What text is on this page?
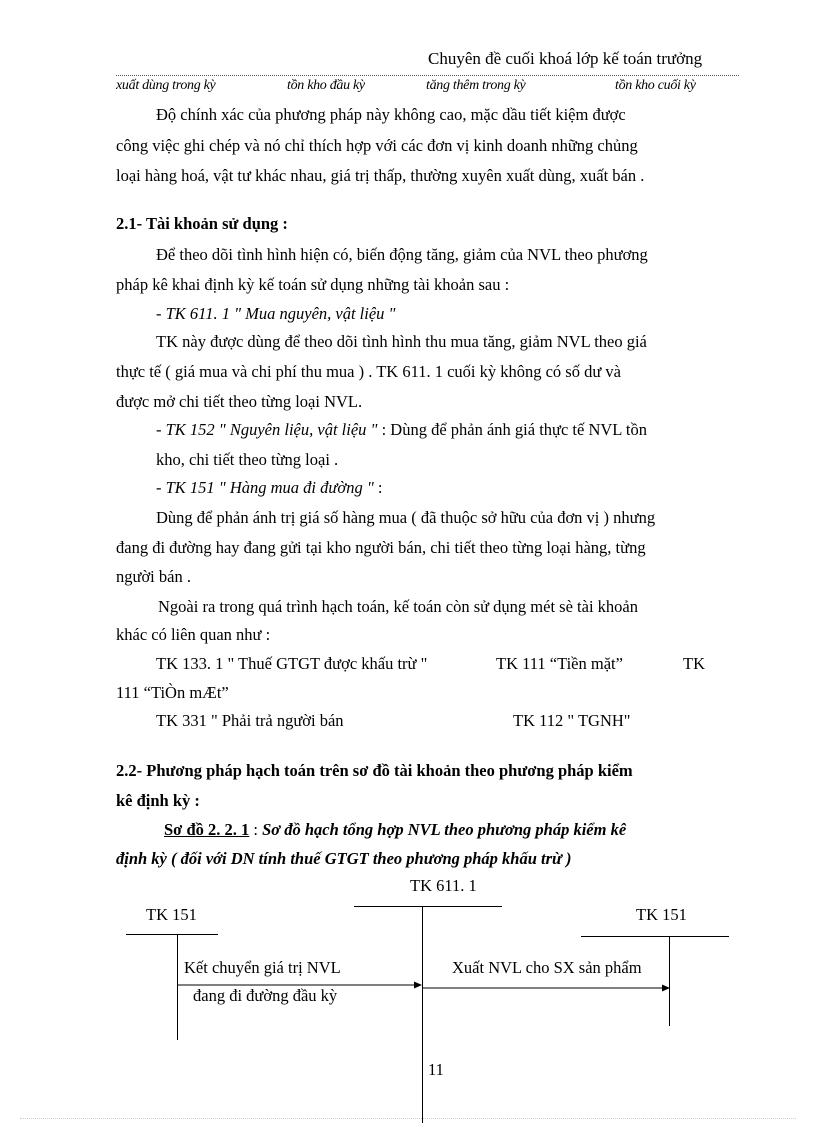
Chuyên đề cuối khoá lớp kế toán trưởng
xuất dùng trong kỳ	tồn kho đầu kỳ	tăng thêm trong kỳ	tồn kho cuối kỳ
Độ chính xác của phương pháp này không cao, mặc dầu tiết kiệm được
công việc ghi chép và nó chỉ thích hợp với các đơn vị kinh doanh những chủng
loại hàng hoá, vật tư khác nhau, giá trị thấp, thường xuyên xuất dùng, xuất bán .
2.1- Tài khoản sử dụng :
Để theo dõi tình hình hiện có, biến động tăng, giảm của NVL theo phương
pháp kê khai định kỳ kế toán sử dụng những tài khoản sau :
- TK 611. 1 " Mua nguyên, vật liệu "
TK này được dùng để theo dõi tình hình thu mua tăng, giảm NVL theo giá
thực tế ( giá mua và chi phí thu mua ) . TK 611. 1 cuối kỳ không có số dư và
được mở chi tiết theo từng loại NVL.
- TK 152 " Nguyên liệu, vật liệu " : Dùng để phản ánh giá thực tế NVL tồn
kho, chi tiết theo từng loại .
- TK 151 " Hàng mua đi đường " :
Dùng để phản ánh trị giá số hàng mua ( đã thuộc sở hữu của đơn vị ) nhưng
đang đi đường hay đang gửi tại kho người bán, chi tiết theo từng loại hàng, từng
người bán .
Ngoài ra trong quá trình hạch toán, kế toán còn sử dụng mét sè tài khoản
khác có liên quan như :
TK 133. 1 " Thuế GTGT được khấu trừ "	TK 111 “Tiền mặt”	TK
111 “TiÒn mÆt”
TK 331 " Phải trả người bán	TK 112 " TGNH"
2.2- Phương pháp hạch toán trên sơ đồ tài khoản theo phương pháp kiểm
kê định kỳ :
Sơ đồ 2. 2. 1 : Sơ đồ hạch tổng hợp NVL theo phương pháp kiểm kê
định kỳ ( đối với DN tính thuế GTGT theo phương pháp khấu trừ )
TK 611. 1
TK 151	TK 151
Kết chuyển giá trị NVL
đang đi đường đầu kỳ
Xuất NVL cho SX sản phẩm
11
